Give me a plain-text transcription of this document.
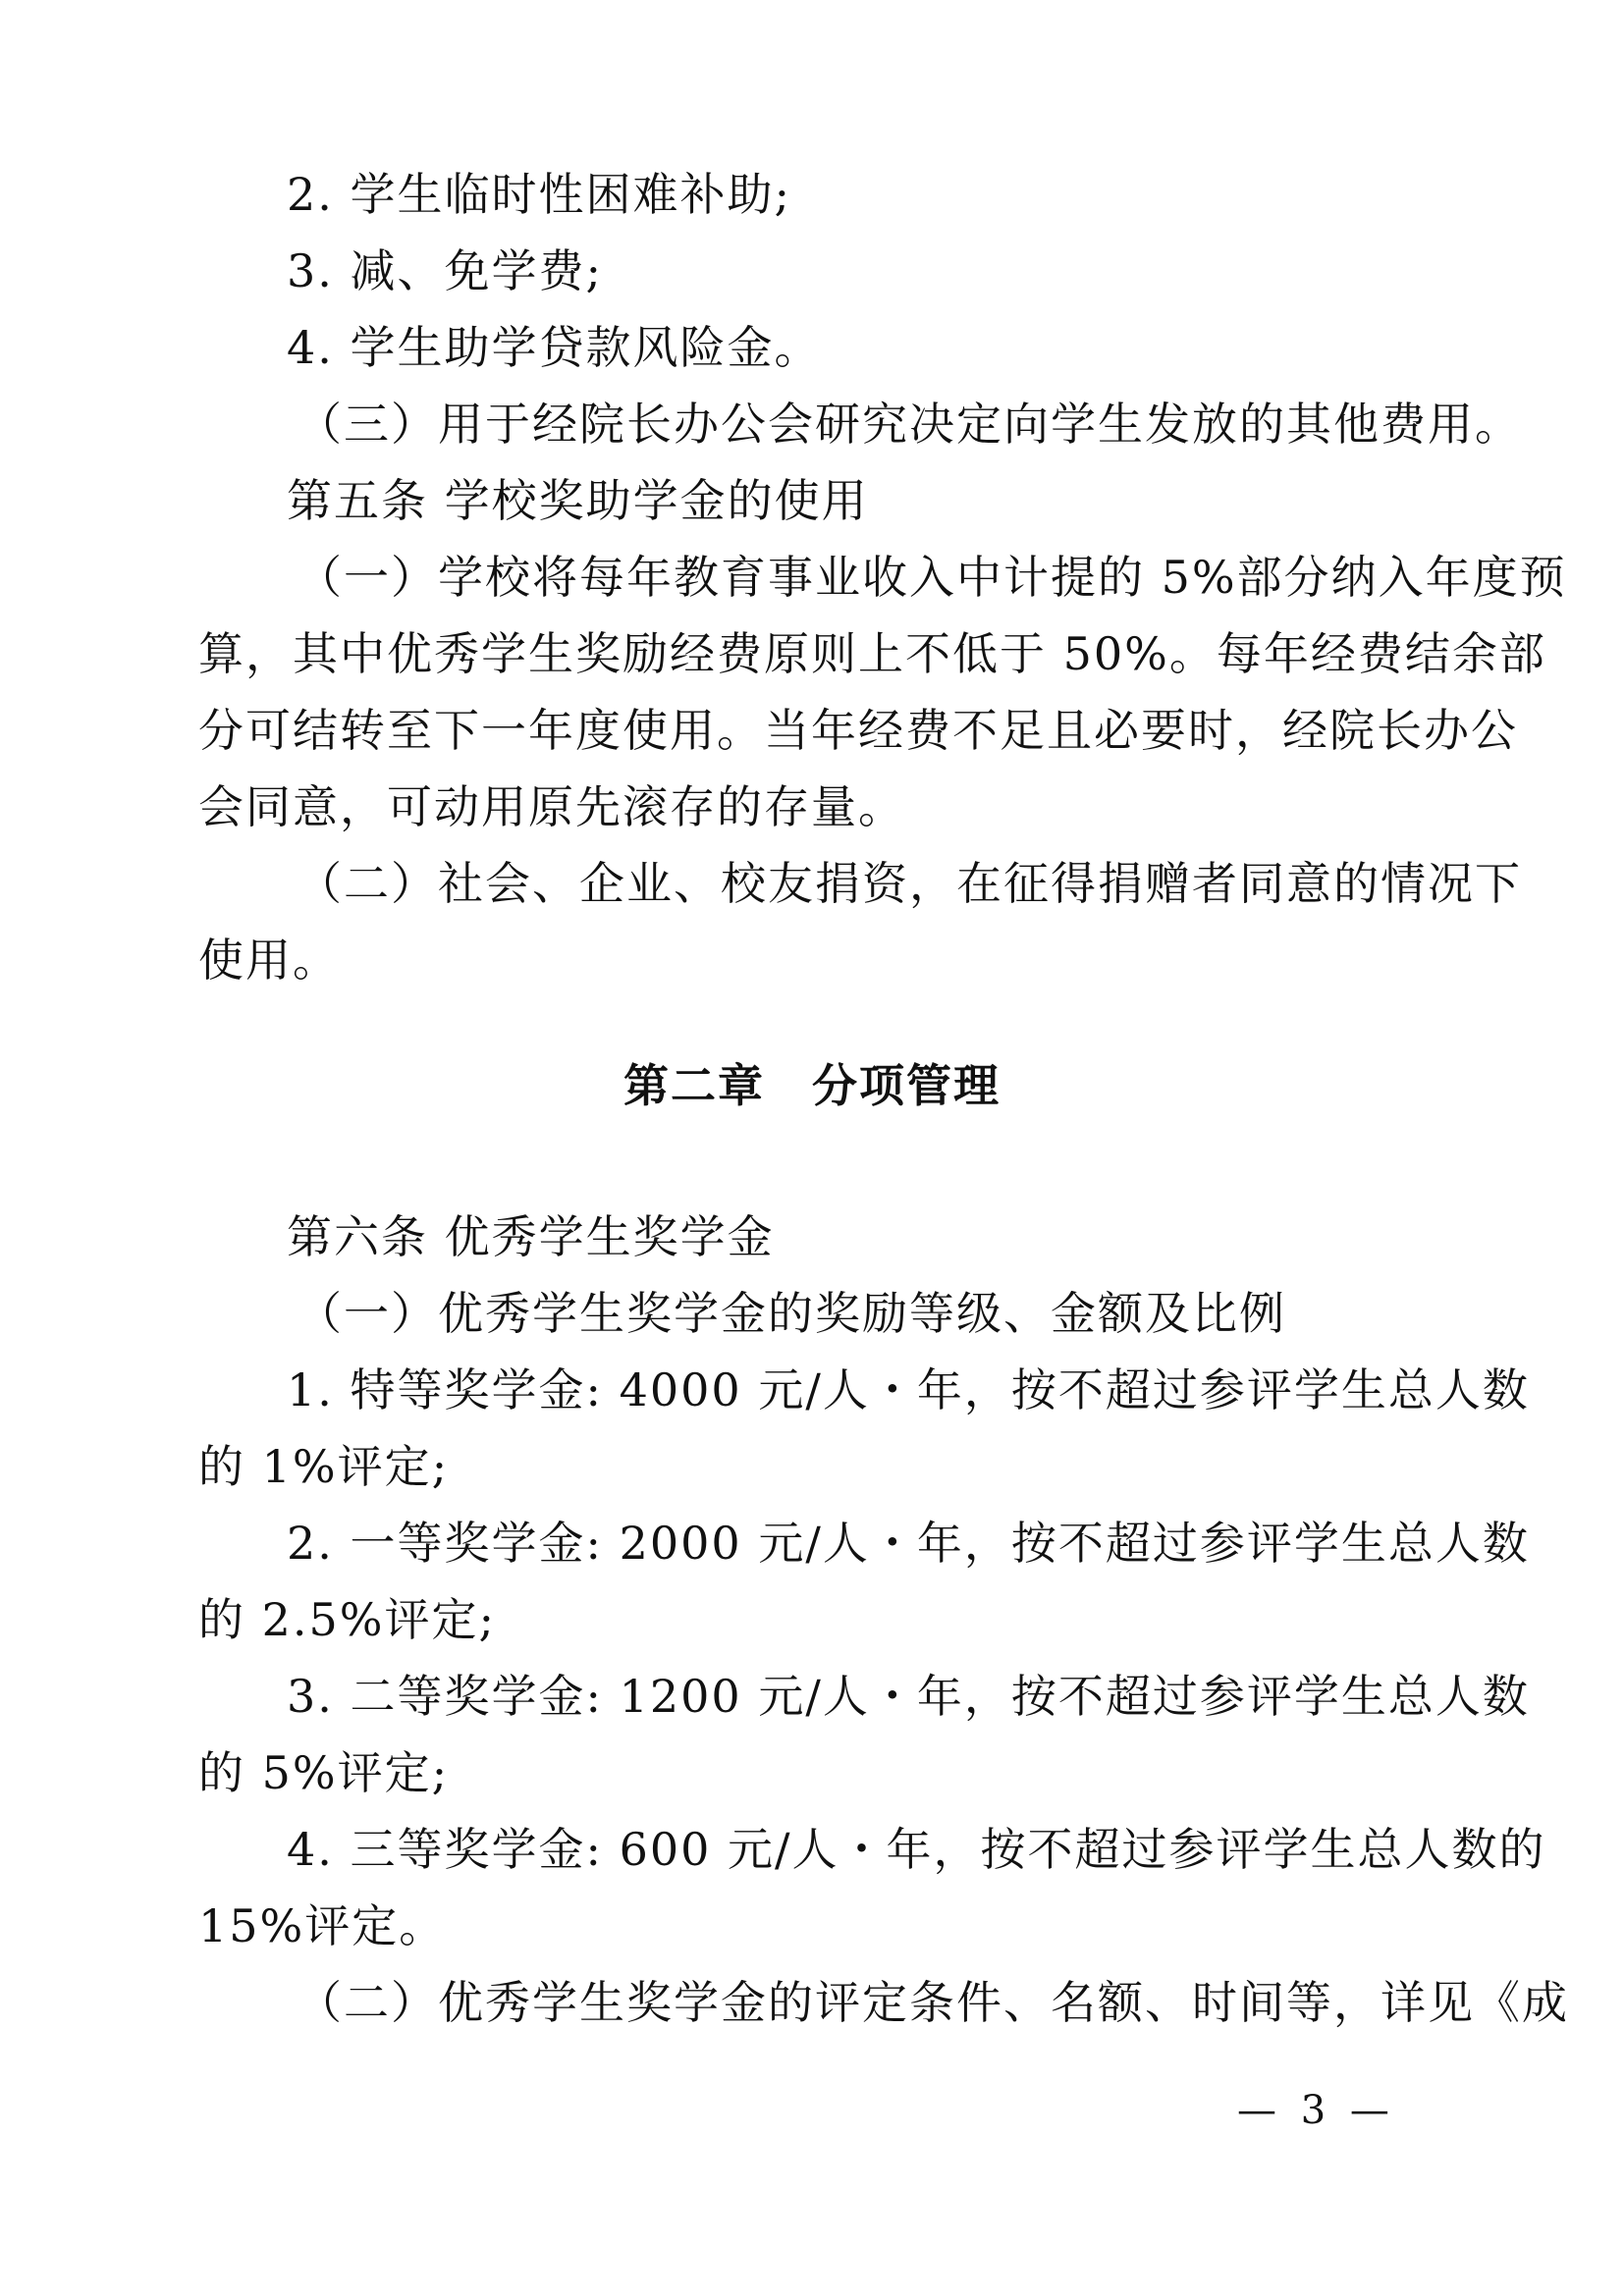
2. 学生临时性困难补助;
3. 减、免学费;
4. 学生助学贷款风险金。
（三）用于经院长办公会研究决定向学生发放的其他费用。
第五条 学校奖助学金的使用
（一）学校将每年教育事业收入中计提的 5%部分纳入年度预
算，其中优秀学生奖励经费原则上不低于 50%。每年经费结余部
分可结转至下一年度使用。当年经费不足且必要时，经院长办公
会同意，可动用原先滚存的存量。
（二）社会、企业、校友捐资，在征得捐赠者同意的情况下
使用。
第二章 分项管理
第六条 优秀学生奖学金
（一）优秀学生奖学金的奖励等级、金额及比例
1. 特等奖学金: 4000 元/人・年，按不超过参评学生总人数
的 1%评定;
2. 一等奖学金: 2000 元/人・年，按不超过参评学生总人数
的 2.5%评定;
3. 二等奖学金: 1200 元/人・年，按不超过参评学生总人数
的 5%评定;
4. 三等奖学金: 600 元/人・年，按不超过参评学生总人数的
15%评定。
（二）优秀学生奖学金的评定条件、名额、时间等，详见《成
— 3 —
